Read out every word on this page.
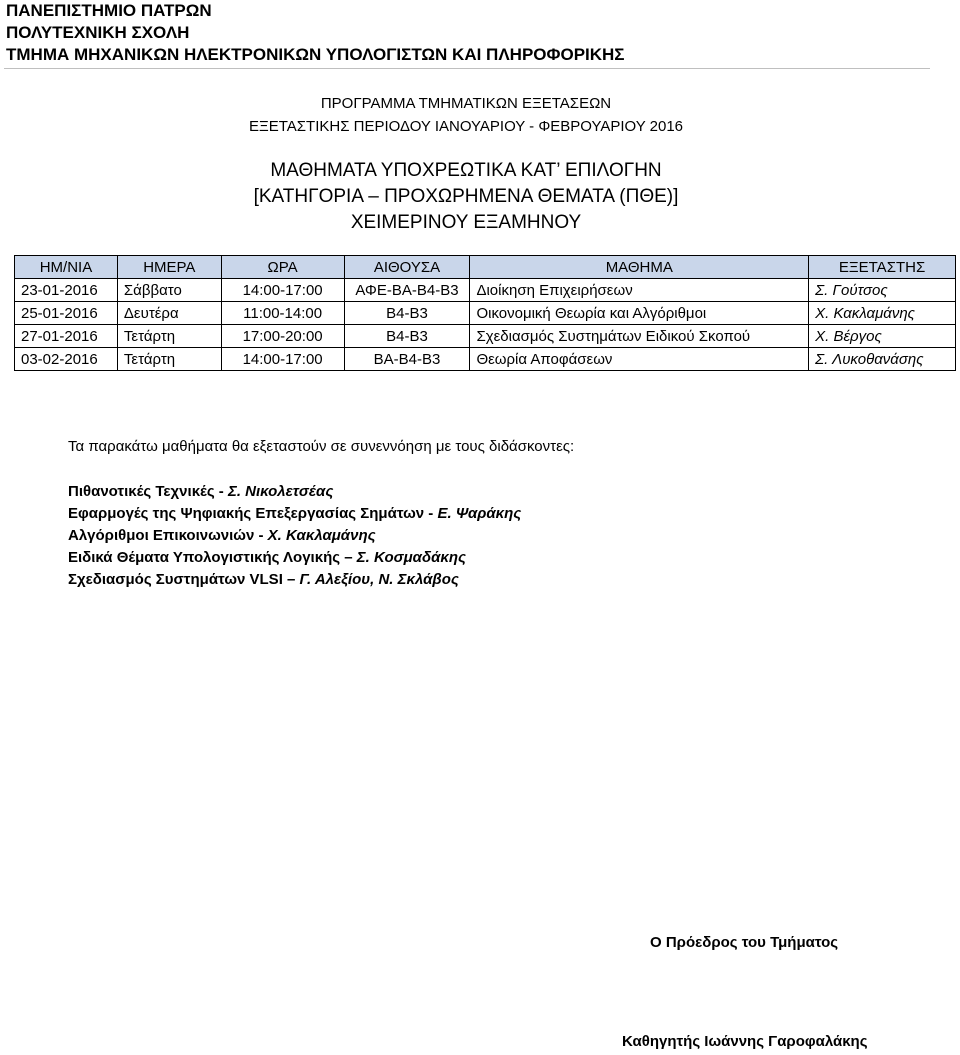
ΠΑΝΕΠΙΣΤΗΜΙΟ ΠΑΤΡΩΝ
ΠΟΛΥΤΕΧΝΙΚΗ ΣΧΟΛΗ
ΤΜΗΜΑ ΜΗΧΑΝΙΚΩΝ ΗΛΕΚΤΡΟΝΙΚΩΝ ΥΠΟΛΟΓΙΣΤΩΝ ΚΑΙ ΠΛΗΡΟΦΟΡΙΚΗΣ
ΠΡΟΓΡΑΜΜΑ ΤΜΗΜΑΤΙΚΩΝ ΕΞΕΤΑΣΕΩΝ
ΕΞΕΤΑΣΤΙΚΗΣ ΠΕΡΙΟΔΟΥ ΙΑΝΟΥΑΡΙΟΥ - ΦΕΒΡΟΥΑΡΙΟΥ 2016
ΜΑΘΗΜΑΤΑ ΥΠΟΧΡΕΩΤΙΚΑ ΚΑΤ’ ΕΠΙΛΟΓΗΝ
[ΚΑΤΗΓΟΡΙΑ – ΠΡΟΧΩΡΗΜΕΝΑ ΘΕΜΑΤΑ (ΠΘΕ)]
ΧΕΙΜΕΡΙΝΟΥ ΕΞΑΜΗΝΟΥ
ΗΜ/ΝΙΑ	ΗΜΕΡΑ	ΩΡΑ	ΑΙΘΟΥΣΑ	ΜΑΘΗΜΑ	ΕΞΕΤΑΣΤΗΣ
23-01-2016	Σάββατο	14:00-17:00	ΑΦΕ-ΒΑ-Β4-Β3	Διοίκηση Επιχειρήσεων	Σ. Γούτσος
25-01-2016	Δευτέρα	11:00-14:00	Β4-Β3	Οικονομική Θεωρία και Αλγόριθμοι	Χ. Κακλαμάνης
27-01-2016	Τετάρτη	17:00-20:00	Β4-Β3	Σχεδιασμός Συστημάτων Ειδικού Σκοπού	Χ. Βέργος
03-02-2016	Τετάρτη	14:00-17:00	ΒΑ-Β4-Β3	Θεωρία Αποφάσεων	Σ. Λυκοθανάσης
Τα παρακάτω μαθήματα θα εξεταστούν σε συνεννόηση με τους διδάσκοντες:
Πιθανοτικές Τεχνικές - Σ. Νικολετσέας
Εφαρμογές της Ψηφιακής Επεξεργασίας Σημάτων - Ε. Ψαράκης
Αλγόριθμοι Επικοινωνιών - Χ. Κακλαμάνης
Ειδικά Θέματα Υπολογιστικής Λογικής – Σ. Κοσμαδάκης
Σχεδιασμός Συστημάτων VLSI – Γ. Αλεξίου, Ν. Σκλάβος
Ο Πρόεδρος του Τμήματος
Καθηγητής Ιωάννης Γαροφαλάκης
